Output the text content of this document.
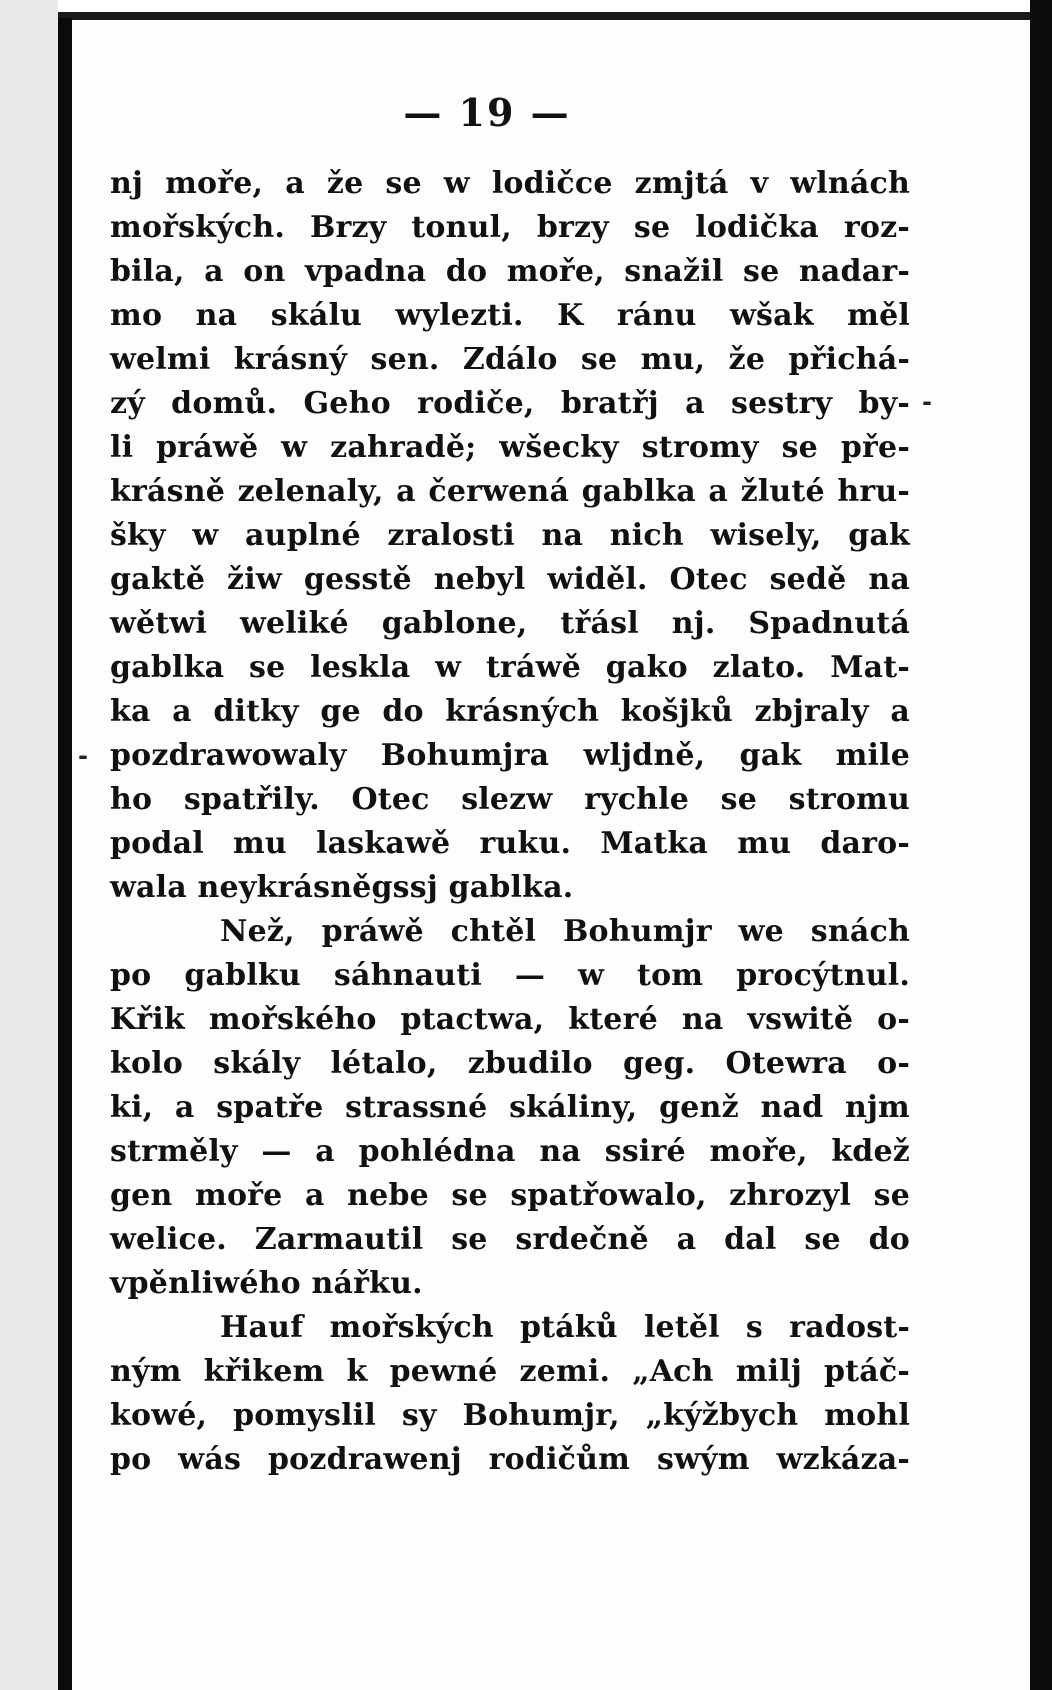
— 19 —
nj moře, a že se w lodičce zmjtá v wlnách
mořských. Brzy tonul, brzy se lodička roz-
bila, a on vpadna do moře, snažil se nadar-
mo na skálu wylezti. K ránu wšak měl
welmi krásný sen. Zdálo se mu, že přichá-
zý domů. Geho rodiče, bratřj a sestry by-
li práwě w zahradě; wšecky stromy se pře-
krásně zelenaly, a čerwená gablka a žluté hru-
šky w auplné zralosti na nich wisely, gak
gaktě žiw gesstě nebyl widěl. Otec sedě na
wětwi weliké gablone, třásl nj. Spadnutá
gablka se leskla w tráwě gako zlato. Mat-
ka a ditky ge do krásných košjků zbjraly a
pozdrawowaly Bohumjra wljdně, gak mile
ho spatřily. Otec slezw rychle se stromu
podal mu laskawě ruku. Matka mu daro-
wala neykrásněgssj gablka.
Než, práwě chtěl Bohumjr we snách
po gablku sáhnauti — w tom procýtnul.
Křik mořského ptactwa, které na vswitě o-
kolo skály létalo, zbudilo geg. Otewra o-
ki, a spatře strassné skáliny, genž nad njm
strměly — a pohlédna na ssiré moře, kdež
gen moře a nebe se spatřowalo, zhrozyl se
welice. Zarmautil se srdečně a dal se do
vpěnliwého nářku.
Hauf mořských ptáků letěl s radost-
ným křikem k pewné zemi. „Ach milj ptáč-
kowé, pomyslil sy Bohumjr, „kýžbych mohl
po wás pozdrawenj rodičům swým wzkáza-
-
-
